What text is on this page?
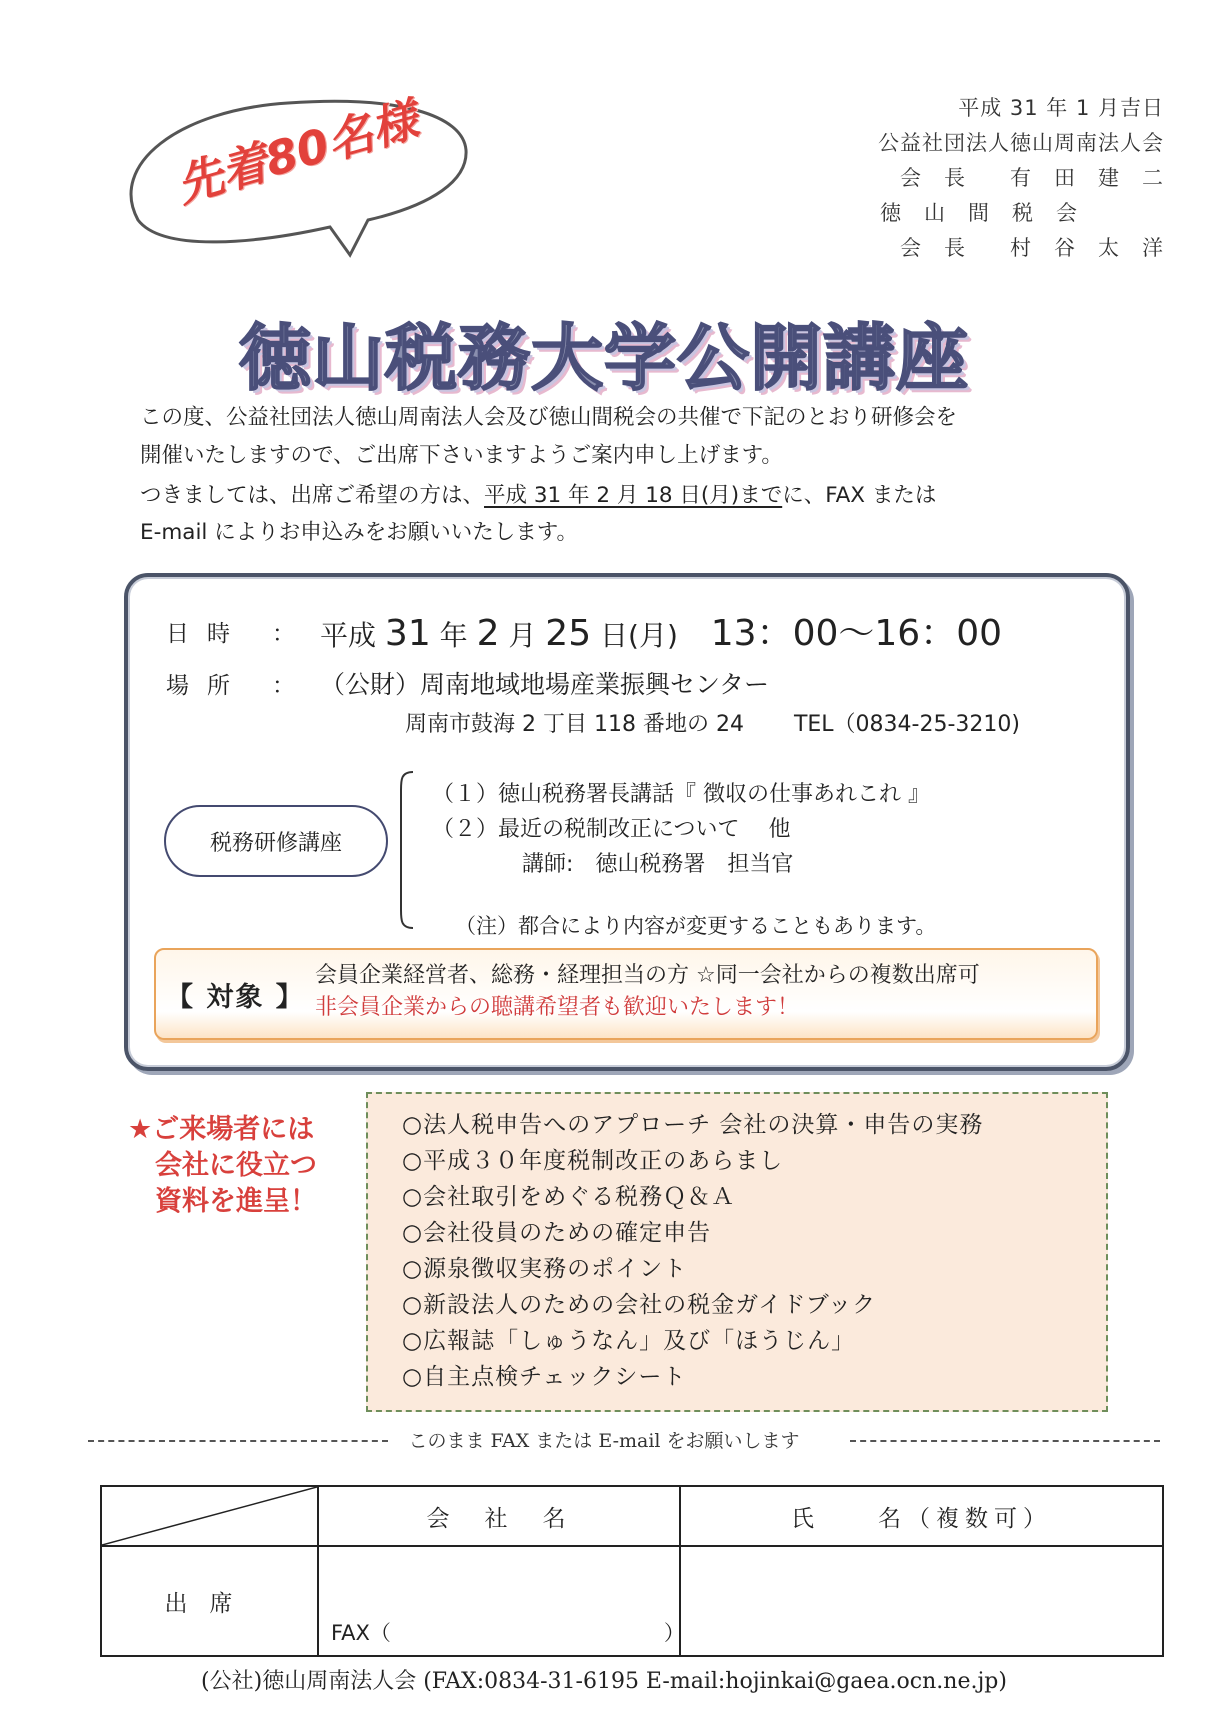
平成 31 年 1 月吉日
公益社団法人徳山周南法人会
会　長　　有　田　建　二
徳　山　間　税　会
会　長　　村　谷　太　洋
先着80名様
徳山税務大学公開講座
この度、公益社団法人徳山周南法人会及び徳山間税会の共催で下記のとおり研修会を
開催いたしますので、ご出席下さいますようご案内申し上げます。
つきましては、出席ご希望の方は、平成 31 年 2 月 18 日(月)までに、FAX または
E-mail によりお申込みをお願いいたします。
日時 ： 平成 31 年 2 月 25 日(月) 13：00～16：00
場所 ： （公財）周南地域地場産業振興センター
周南市鼓海 2 丁目 118 番地の 24 TEL（0834-25-3210)
税務研修講座
（１）徳山税務署長講話『 徴収の仕事あれこれ 』
（２）最近の税制改正について　 他
講師:　徳山税務署　担当官
（注）都合により内容が変更することもあります。
【 対象 】
会員企業経営者、総務・経理担当の方 ☆同一会社からの複数出席可
非会員企業からの聴講希望者も歓迎いたします！
★ご来場者には
会社に役立つ
資料を進呈！
○法人税申告へのアプローチ 会社の決算・申告の実務
○平成３０年度税制改正のあらまし
○会社取引をめぐる税務Ｑ＆Ａ
○会社役員のための確定申告
○源泉徴収実務のポイント
○新設法人のための会社の税金ガイドブック
○広報誌「しゅうなん」及び「ほうじん」
○自主点検チェックシート
このまま FAX または E-mail をお願いします
	会　社　名	氏　　名（複数可）
出席	FAX（　　　　　　　　　　　　　）	

(公社)徳山周南法人会 (FAX:0834-31-6195 E-mail:hojinkai@gaea.ocn.ne.jp)
